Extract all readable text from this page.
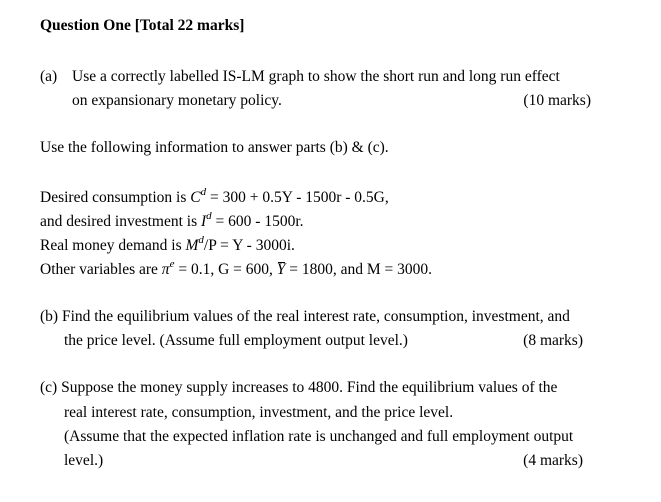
Question One [Total 22 marks]
(a) Use a correctly labelled IS-LM graph to show the short run and long run effect
on expansionary monetary policy.	(10 marks)
Use the following information to answer parts (b) & (c).
Desired consumption is $C^d = 300 + 0.5Y - 1500r - 0.5G$,
and desired investment is $I^d = 600 - 1500r$.
Real money demand is $M^d/P = Y - 3000i$.
Other variables are $\pi^e = 0.1$, G = 600, Y = 1800, and M = 3000.
(b) Find the equilibrium values of the real interest rate, consumption, investment, and
the price level. (Assume full employment output level.)	(8 marks)
(c) Suppose the money supply increases to 4800. Find the equilibrium values of the
real interest rate, consumption, investment, and the price level.
(Assume that the expected inflation rate is unchanged and full employment output
level.)	(4 marks)
